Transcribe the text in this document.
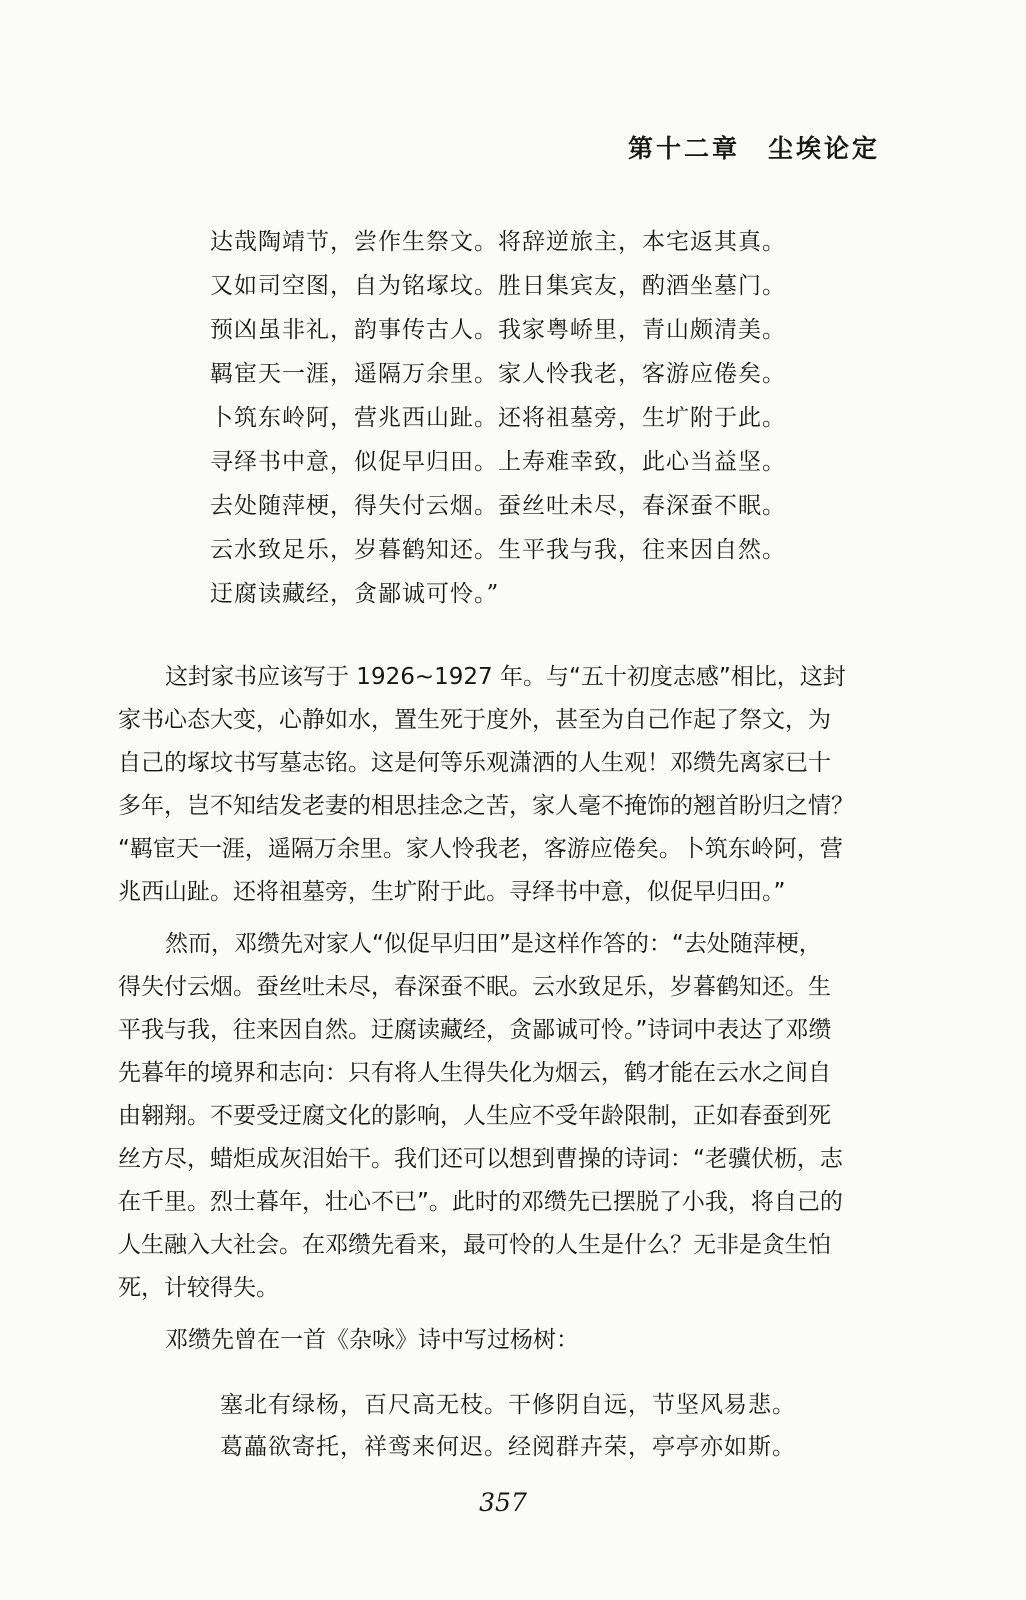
第十二章　尘埃论定
达哉陶靖节，尝作生祭文。将辞逆旅主，本宅返其真。
又如司空图，自为铭塚坟。胜日集宾友，酌酒坐墓门。
预凶虽非礼，韵事传古人。我家粤峤里，青山颇清美。
羁宦天一涯，遥隔万余里。家人怜我老，客游应倦矣。
卜筑东岭阿，营兆西山趾。还将祖墓旁，生圹附于此。
寻绎书中意，似促早归田。上寿难幸致，此心当益坚。
去处随萍梗，得失付云烟。蚕丝吐未尽，春深蚕不眠。
云水致足乐，岁暮鹤知还。生平我与我，往来因自然。
迂腐读藏经，贪鄙诚可怜。”
这封家书应该写于 1926~1927 年。与“五十初度志感”相比，这封
家书心态大变，心静如水，置生死于度外，甚至为自己作起了祭文，为
自己的塚坟书写墓志铭。这是何等乐观潇洒的人生观！邓缵先离家已十
多年，岂不知结发老妻的相思挂念之苦，家人毫不掩饰的翘首盼归之情？
“羁宦天一涯，遥隔万余里。家人怜我老，客游应倦矣。卜筑东岭阿，营
兆西山趾。还将祖墓旁，生圹附于此。寻绎书中意，似促早归田。”
然而，邓缵先对家人“似促早归田”是这样作答的：“去处随萍梗，
得失付云烟。蚕丝吐未尽，春深蚕不眠。云水致足乐，岁暮鹤知还。生
平我与我，往来因自然。迂腐读藏经，贪鄙诚可怜。”诗词中表达了邓缵
先暮年的境界和志向：只有将人生得失化为烟云，鹤才能在云水之间自
由翱翔。不要受迂腐文化的影响，人生应不受年龄限制，正如春蚕到死
丝方尽，蜡炬成灰泪始干。我们还可以想到曹操的诗词：“老骥伏枥，志
在千里。烈士暮年，壮心不已”。此时的邓缵先已摆脱了小我，将自己的
人生融入大社会。在邓缵先看来，最可怜的人生是什么？无非是贪生怕
死，计较得失。
邓缵先曾在一首《杂咏》诗中写过杨树：
塞北有绿杨，百尺高无枝。干修阴自远，节坚风易悲。
葛藟欲寄托，祥鸾来何迟。经阅群卉荣，亭亭亦如斯。
357
